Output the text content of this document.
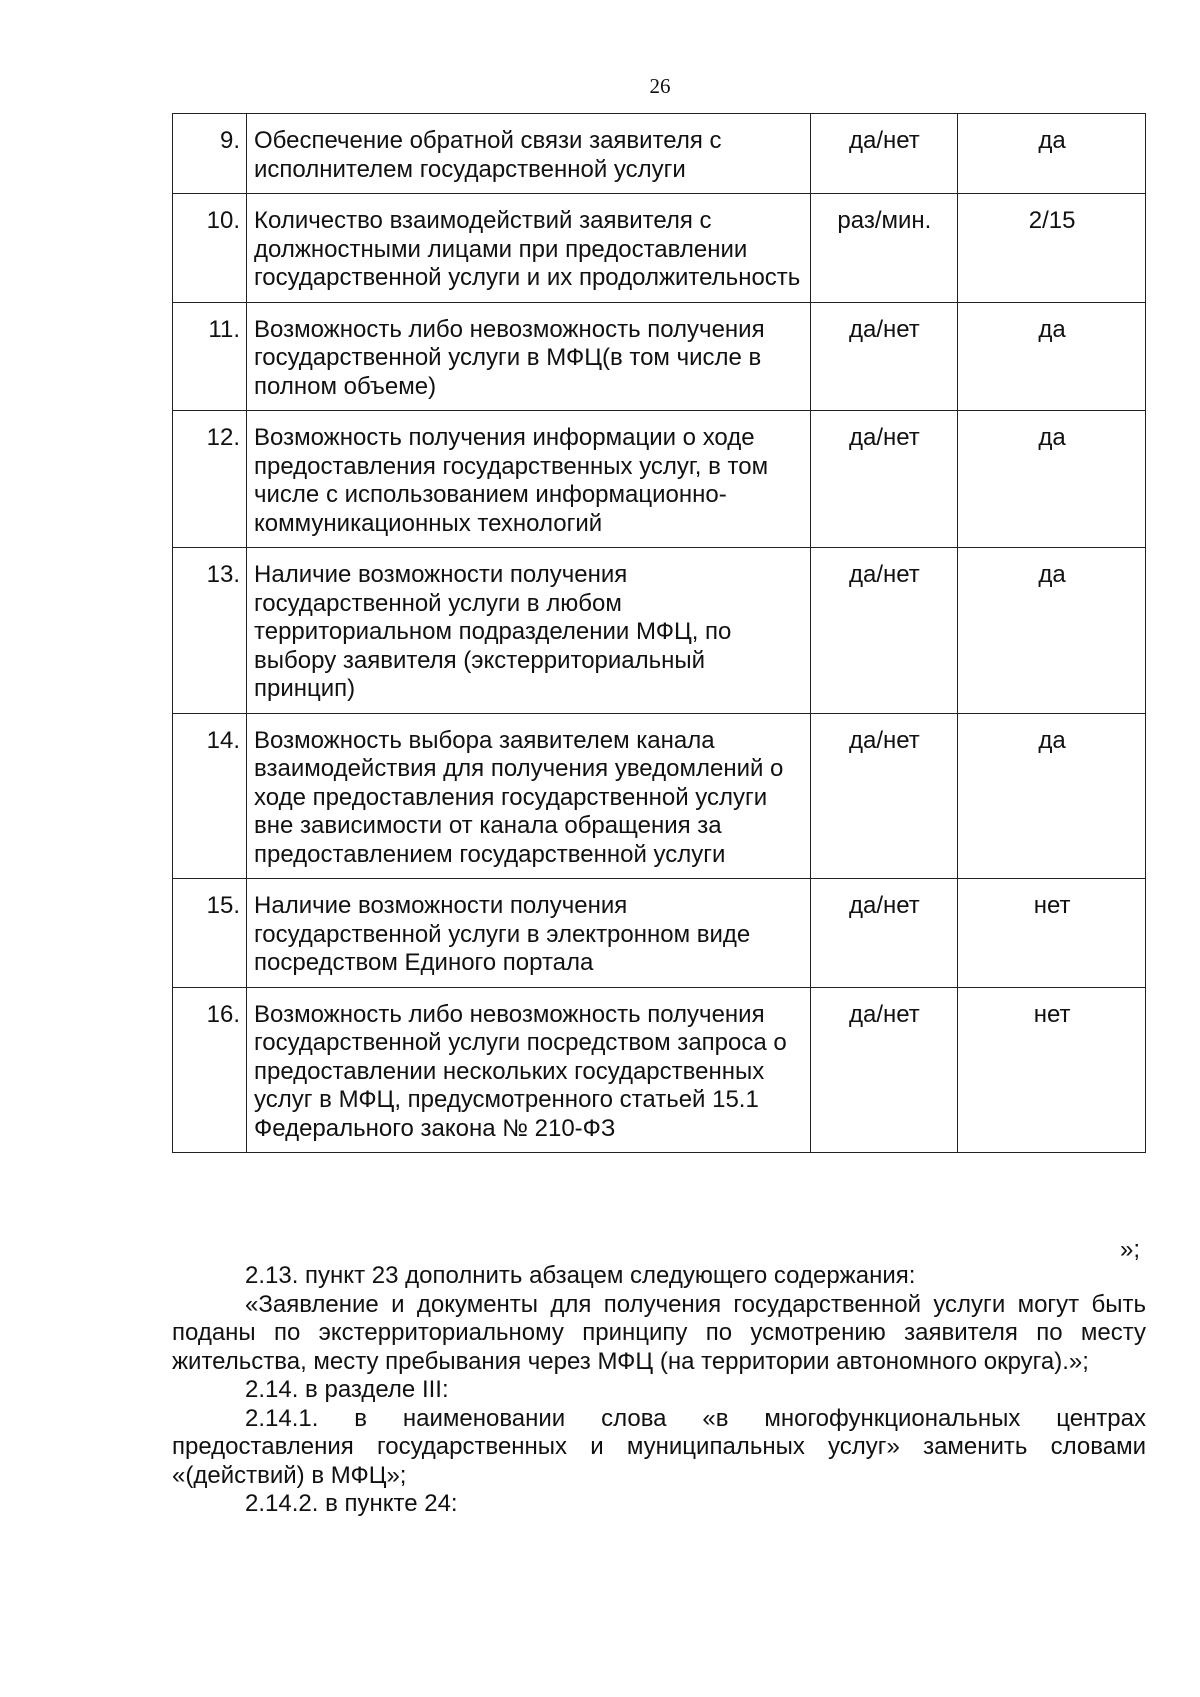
26
9.	Обеспечение обратной связи заявителя с исполнителем государственной услуги	да/нет	да
10.	Количество взаимодействий заявителя с должностными лицами при предоставлении государственной услуги и их продолжительность	раз/мин.	2/15
11.	Возможность либо невозможность получения государственной услуги в МФЦ(в том числе в полном объеме)	да/нет	да
12.	Возможность получения информации о ходе предоставления государственных услуг, в том числе с использованием информационно-коммуникационных технологий	да/нет	да
13.	Наличие возможности получения государственной услуги в любом территориальном подразделении МФЦ, по выбору заявителя (экстерриториальный принцип)	да/нет	да
14.	Возможность выбора заявителем канала взаимодействия для получения уведомлений о ходе предоставления государственной услуги вне зависимости от канала обращения за предоставлением государственной услуги	да/нет	да
15.	Наличие возможности получения государственной услуги в электронном виде посредством Единого портала	да/нет	нет
16.	Возможность либо невозможность получения государственной услуги посредством запроса о предоставлении нескольких государственных услуг в МФЦ, предусмотренного статьей 15.1 Федерального закона № 210-ФЗ	да/нет	нет
»;

2.13. пункт 23 дополнить абзацем следующего содержания:

«Заявление и документы для получения государственной услуги могут быть поданы по экстерриториальному принципу по усмотрению заявителя по месту жительства, месту пребывания через МФЦ (на территории автономного округа).»;

2.14. в разделе III:

2.14.1. в наименовании слова «в многофункциональных центрах предоставления государственных и муниципальных услуг» заменить словами «(действий) в МФЦ»;

2.14.2. в пункте 24:
